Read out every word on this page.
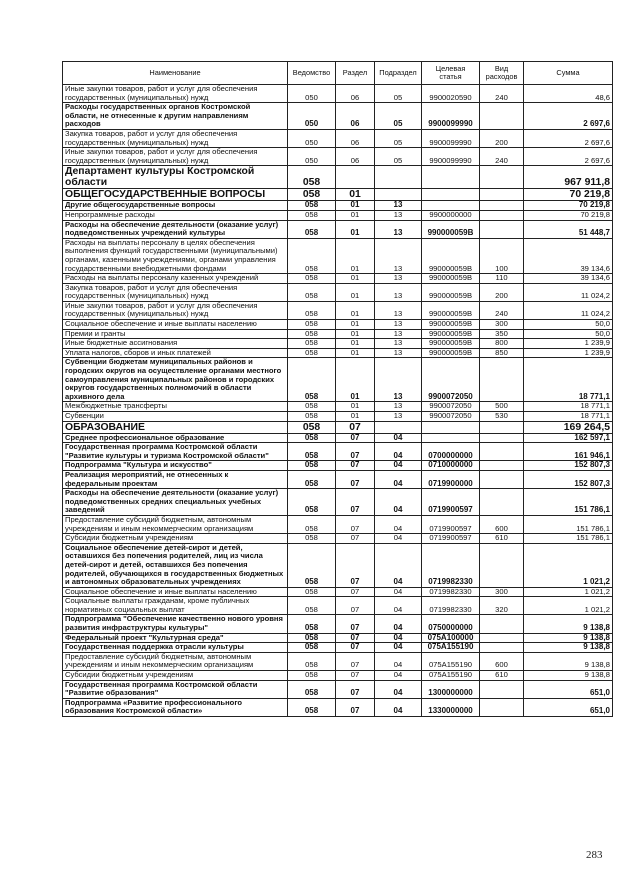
Наименование	Ведомство	Раздел	Подраздел	Целевая статья	Вид расходов	Сумма
Иные закупки товаров, работ и услуг для обеспечения государственных (муниципальных) нужд	050	06	05	9900020590	240	48,6
Расходы государственных органов Костромской области, не отнесенные к другим направлениям расходов	050	06	05	9900099990		2 697,6
Закупка товаров, работ и услуг для обеспечения государственных (муниципальных) нужд	050	06	05	9900099990	200	2 697,6
Иные закупки товаров, работ и услуг для обеспечения государственных (муниципальных) нужд	050	06	05	9900099990	240	2 697,6
Департамент культуры Костромской области	058					967 911,8
ОБЩЕГОСУДАРСТВЕННЫЕ ВОПРОСЫ	058	01				70 219,8
Другие общегосударственные вопросы	058	01	13			70 219,8
Непрограммные расходы	058	01	13	9900000000		70 219,8
Расходы на обеспечение деятельности (оказание услуг) подведомственных учреждений культуры	058	01	13	990000059В		51 448,7
Расходы на выплаты персоналу в целях обеспечения выполнения функций государственными (муниципальными) органами, казенными учреждениями, органами управления государственными внебюджетными фондами	058	01	13	990000059В	100	39 134,6
Расходы на выплаты персоналу казенных учреждений	058	01	13	990000059В	110	39 134,6
Закупка товаров, работ и услуг для обеспечения государственных (муниципальных) нужд	058	01	13	990000059В	200	11 024,2
Иные закупки товаров, работ и услуг для обеспечения государственных (муниципальных) нужд	058	01	13	990000059В	240	11 024,2
Социальное обеспечение и иные выплаты населению	058	01	13	990000059В	300	50,0
Премии и гранты	058	01	13	990000059В	350	50,0
Иные бюджетные ассигнования	058	01	13	990000059В	800	1 239,9
Уплата налогов, сборов и иных платежей	058	01	13	990000059В	850	1 239,9
Субвенции бюджетам муниципальных районов и городских округов на осуществление органами местного самоуправления муниципальных районов и городских округов государственных полномочий в области архивного дела	058	01	13	9900072050		18 771,1
Межбюджетные трансферты	058	01	13	9900072050	500	18 771,1
Субвенции	058	01	13	9900072050	530	18 771,1
ОБРАЗОВАНИЕ	058	07				169 264,5
Среднее профессиональное образование	058	07	04			162 597,1
Государственная программа Костромской области "Развитие культуры и туризма Костромской области"	058	07	04	0700000000		161 946,1
Подпрограмма "Культура и искусство"	058	07	04	0710000000		152 807,3
Реализация мероприятий, не отнесенных к федеральным проектам	058	07	04	0719900000		152 807,3
Расходы на обеспечение деятельности (оказание услуг) подведомственных средних специальных учебных заведений	058	07	04	0719900597		151 786,1
Предоставление субсидий бюджетным, автономным учреждениям и иным некоммерческим организациям	058	07	04	0719900597	600	151 786,1
Субсидии бюджетным учреждениям	058	07	04	0719900597	610	151 786,1
Социальное обеспечение детей-сирот и детей, оставшихся без попечения родителей, лиц из числа детей-сирот и детей, оставшихся без попечения родителей, обучающихся в государственных бюджетных и автономных образовательных учреждениях	058	07	04	0719982330		1 021,2
Социальное обеспечение и иные выплаты населению	058	07	04	0719982330	300	1 021,2
Социальные выплаты гражданам, кроме публичных нормативных социальных выплат	058	07	04	0719982330	320	1 021,2
Подпрограмма "Обеспечение качественно нового уровня развития инфраструктуры культуры"	058	07	04	0750000000		9 138,8
Федеральный проект "Культурная среда"	058	07	04	075А100000		9 138,8
Государственная поддержка отрасли культуры	058	07	04	075А155190		9 138,8
Предоставление субсидий бюджетным, автономным учреждениям и иным некоммерческим организациям	058	07	04	075А155190	600	9 138,8
Субсидии бюджетным учреждениям	058	07	04	075А155190	610	9 138,8
Государственная программа Костромской области "Развитие образования"	058	07	04	1300000000		651,0
Подпрограмма «Развитие профессионального образования Костромской области»	058	07	04	1330000000		651,0
283
